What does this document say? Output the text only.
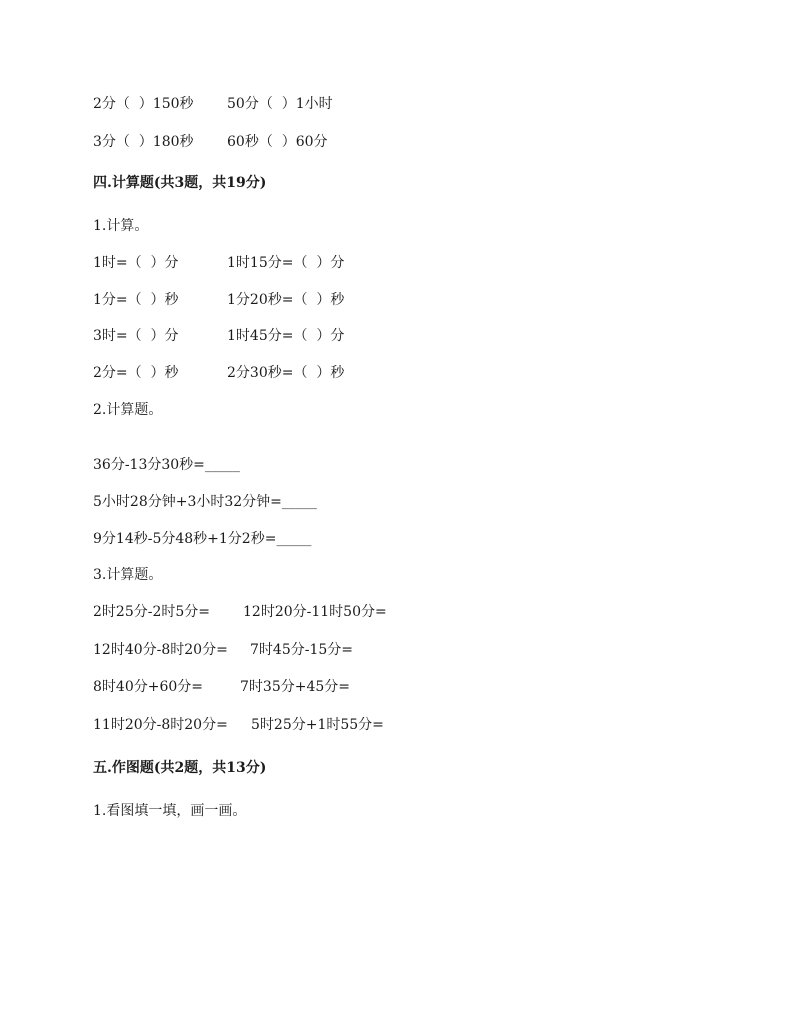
2分（  ）150秒 50分（  ）1小时
3分（  ）180秒 60秒（  ）60分
四.计算题(共3题，共19分)
1.计算。
1时=（  ）分	1时15分=（  ）分
1分=（  ）秒	1分20秒=（  ）秒
3时=（  ）分	1时45分=（  ）分
2分=（  ）秒	2分30秒=（  ）秒
2.计算题。
36分-13分30秒=_____
5小时28分钟+3小时32分钟=_____
9分14秒-5分48秒+1分2秒=_____
3.计算题。
2时25分-2时5分= 12时20分-11时50分=
12时40分-8时20分= 7时45分-15分=
8时40分+60分=	7时35分+45分=
11时20分-8时20分= 5时25分+1时55分=
五.作图题(共2题，共13分)
1.看图填一填，画一画。
